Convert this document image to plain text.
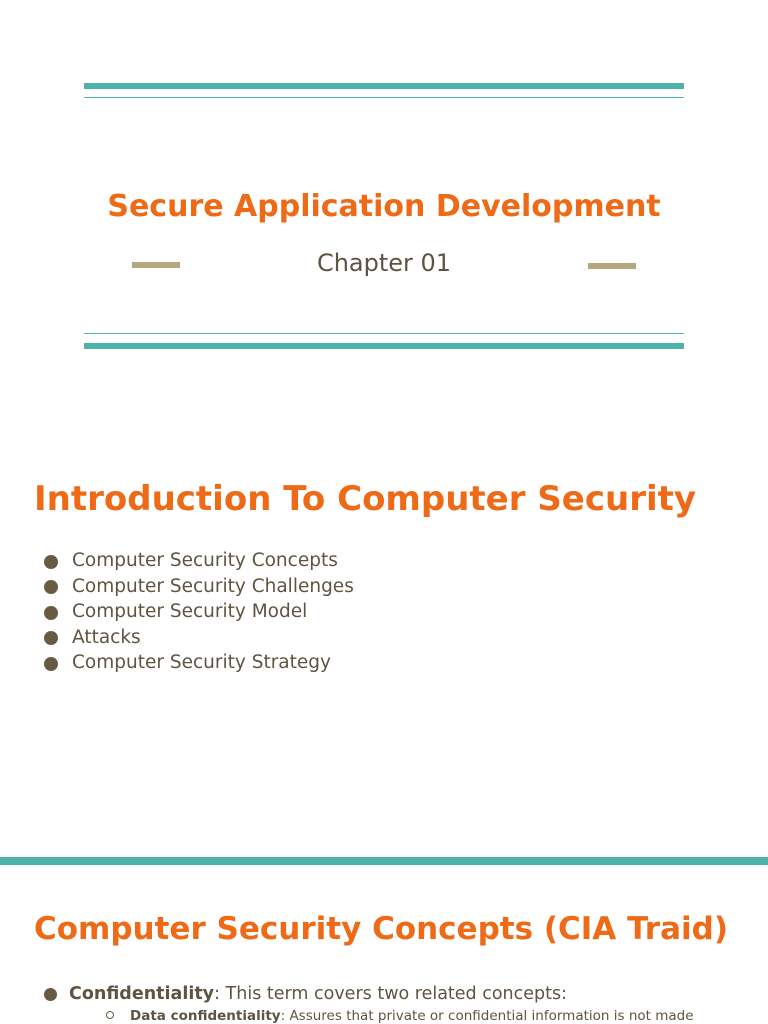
Secure Application Development
Chapter 01
Introduction To Computer Security
Computer Security Concepts
Computer Security Challenges
Computer Security Model
Attacks
Computer Security Strategy
Computer Security Concepts (CIA Traid)
Confidentiality: This term covers two related concepts:
Data confidentiality: Assures that private or confidential information is not made
